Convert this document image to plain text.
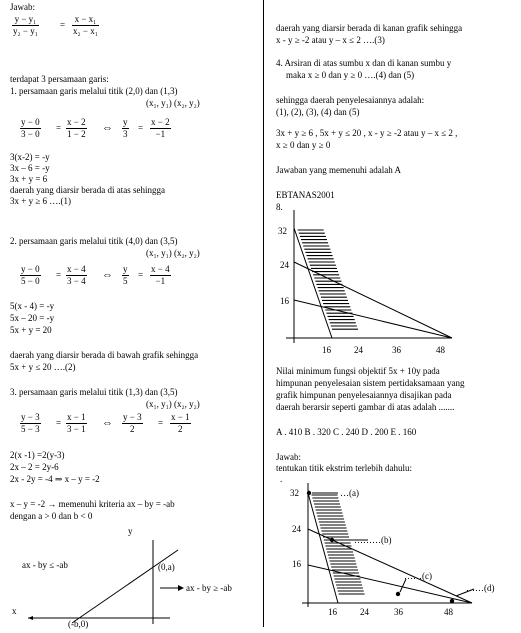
Jawab:
$\frac{\text{y − y₁}}{\text{y₂ − y₁}} = \frac{\text{x − x₁}}{\text{x₂ − x₁}}$
terdapat 3 persamaan garis:
1. persamaan garis melalui titik (2,0) dan (1,3)
(x₁, y₁) (x₂, y₂)
$\frac{y - 0}{3 - 0} = \frac{x - 2}{1 - 2}$ ⇔ $\frac{y}{3} = \frac{x - 2}{-1}$
3(x-2) = -y
3x – 6 = -y
3x + y = 6
daerah yang diarsir berada di atas sehingga
3x + y ≥ 6 ….(1)
2. persamaan garis melalui titik (4,0) dan (3,5)
(x₁, y₁) (x₂, y₂)
$\frac{y - 0}{5 - 0} = \frac{x - 4}{3 - 4}$ ⇔ $\frac{y}{5} = \frac{x - 4}{-1}$
5(x - 4) = -y
5x – 20 = -y
5x + y = 20
daerah yang diarsir berada di bawah grafik sehingga
5x + y ≤ 20 ….(2)
3. persamaan garis melalui titik (1,3) dan (3,5)
(x₁, y₁) (x₂, y₂)
$\frac{y - 3}{5 - 3} = \frac{x - 1}{3 - 1}$ ⇔ $\frac{y - 3}{2} = \frac{x - 1}{2}$
2(x -1) =2(y-3)
2x – 2 = 2y-6
2x - 2y = -4 ⇒ x – y = -2
x – y = -2 → memenuhi kriteria ax – by = -ab
dengan a > 0 dan b < 0
y
x
(0,a)
(-b,0)
ax - by ≤ -ab
ax - by ≥ -ab
daerah yang diarsir berada di kanan grafik sehingga
x - y ≥ -2 atau y – x ≤ 2 ….(3)
4. Arsiran di atas sumbu x dan di kanan sumbu y
maka x ≥ 0 dan y ≥ 0 ….(4) dan (5)
sehingga daerah penyelesaiannya adalah:
(1), (2), (3), (4) dan (5)
3x + y ≥ 6 , 5x + y ≤ 20 , x - y ≥ -2 atau y – x ≤ 2 ,
x ≥ 0 dan y ≥ 0
Jawaban yang memenuhi adalah A
EBTANAS2001
8.
32
24
16
16	24	36	48
Nilai minimum fungsi objektif 5x + 10y pada
himpunan penyelesaian sistem pertidaksamaan yang
grafik himpunan penyelesaiannya disajikan pada
daerah berarsir seperti gambar di atas adalah .......
A . 410 B . 320 C . 240 D . 200 E . 160
Jawab:
tentukan titik ekstrim terlebih dahulu:
.
32
24
16
16	24	36	48
…(a)
………(b)
……(c)
……(d)
